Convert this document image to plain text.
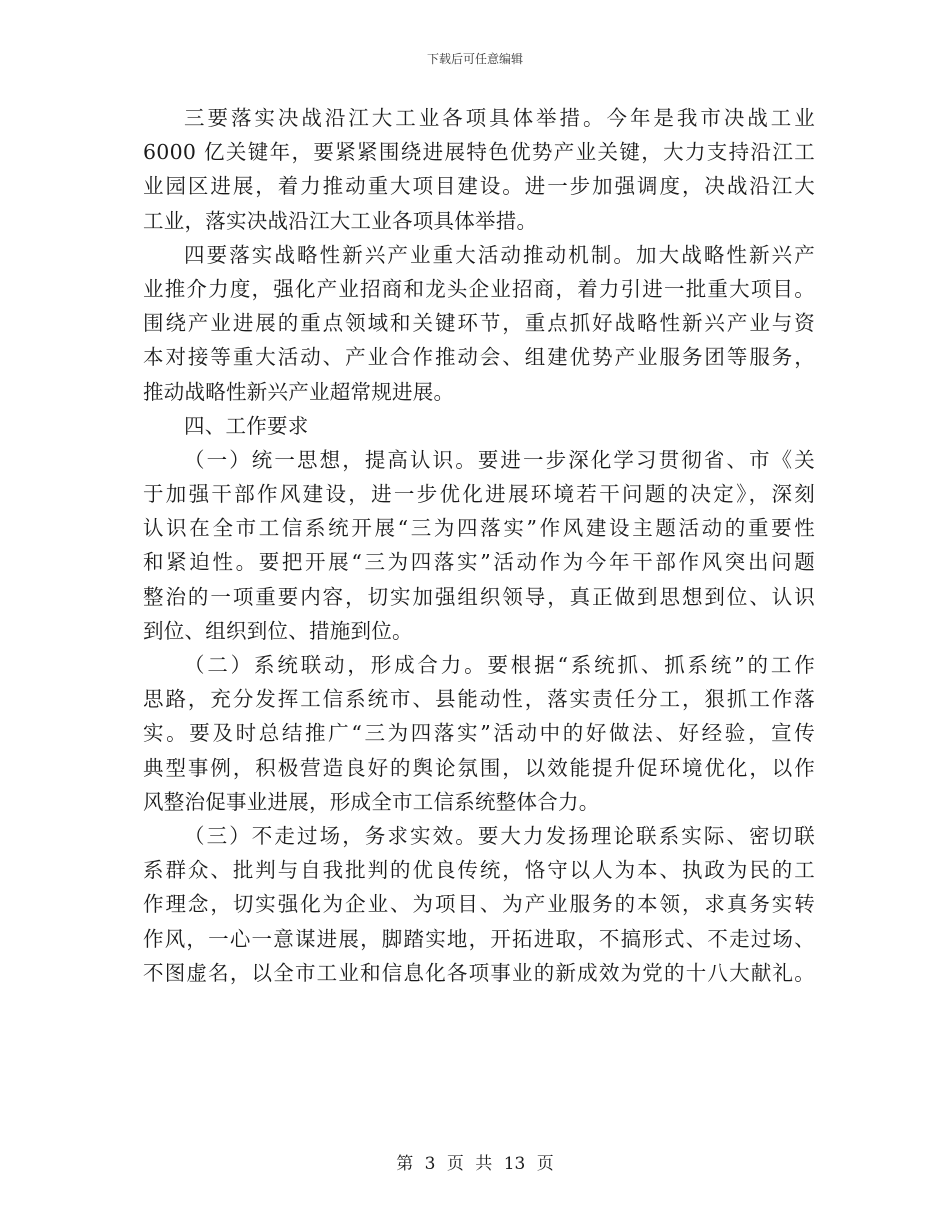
下载后可任意编辑
三要落实决战沿江大工业各项具体举措。今年是我市决战工业
6000 亿关键年，要紧紧围绕进展特色优势产业关键，大力支持沿江工
业园区进展，着力推动重大项目建设。进一步加强调度，决战沿江大
工业，落实决战沿江大工业各项具体举措。
四要落实战略性新兴产业重大活动推动机制。加大战略性新兴产
业推介力度，强化产业招商和龙头企业招商，着力引进一批重大项目。
围绕产业进展的重点领域和关键环节，重点抓好战略性新兴产业与资
本对接等重大活动、产业合作推动会、组建优势产业服务团等服务，
推动战略性新兴产业超常规进展。
四、工作要求
（一）统一思想，提高认识。要进一步深化学习贯彻省、市《关
于加强干部作风建设，进一步优化进展环境若干问题的决定》，深刻
认识在全市工信系统开展“三为四落实”作风建设主题活动的重要性
和紧迫性。要把开展“三为四落实”活动作为今年干部作风突出问题
整治的一项重要内容，切实加强组织领导，真正做到思想到位、认识
到位、组织到位、措施到位。
（二）系统联动，形成合力。要根据“系统抓、抓系统”的工作
思路，充分发挥工信系统市、县能动性，落实责任分工，狠抓工作落
实。要及时总结推广“三为四落实”活动中的好做法、好经验，宣传
典型事例，积极营造良好的舆论氛围，以效能提升促环境优化，以作
风整治促事业进展，形成全市工信系统整体合力。
（三）不走过场，务求实效。要大力发扬理论联系实际、密切联
系群众、批判与自我批判的优良传统，恪守以人为本、执政为民的工
作理念，切实强化为企业、为项目、为产业服务的本领，求真务实转
作风，一心一意谋进展，脚踏实地，开拓进取，不搞形式、不走过场、
不图虚名，以全市工业和信息化各项事业的新成效为党的十八大献礼。
第 3 页 共 13 页
